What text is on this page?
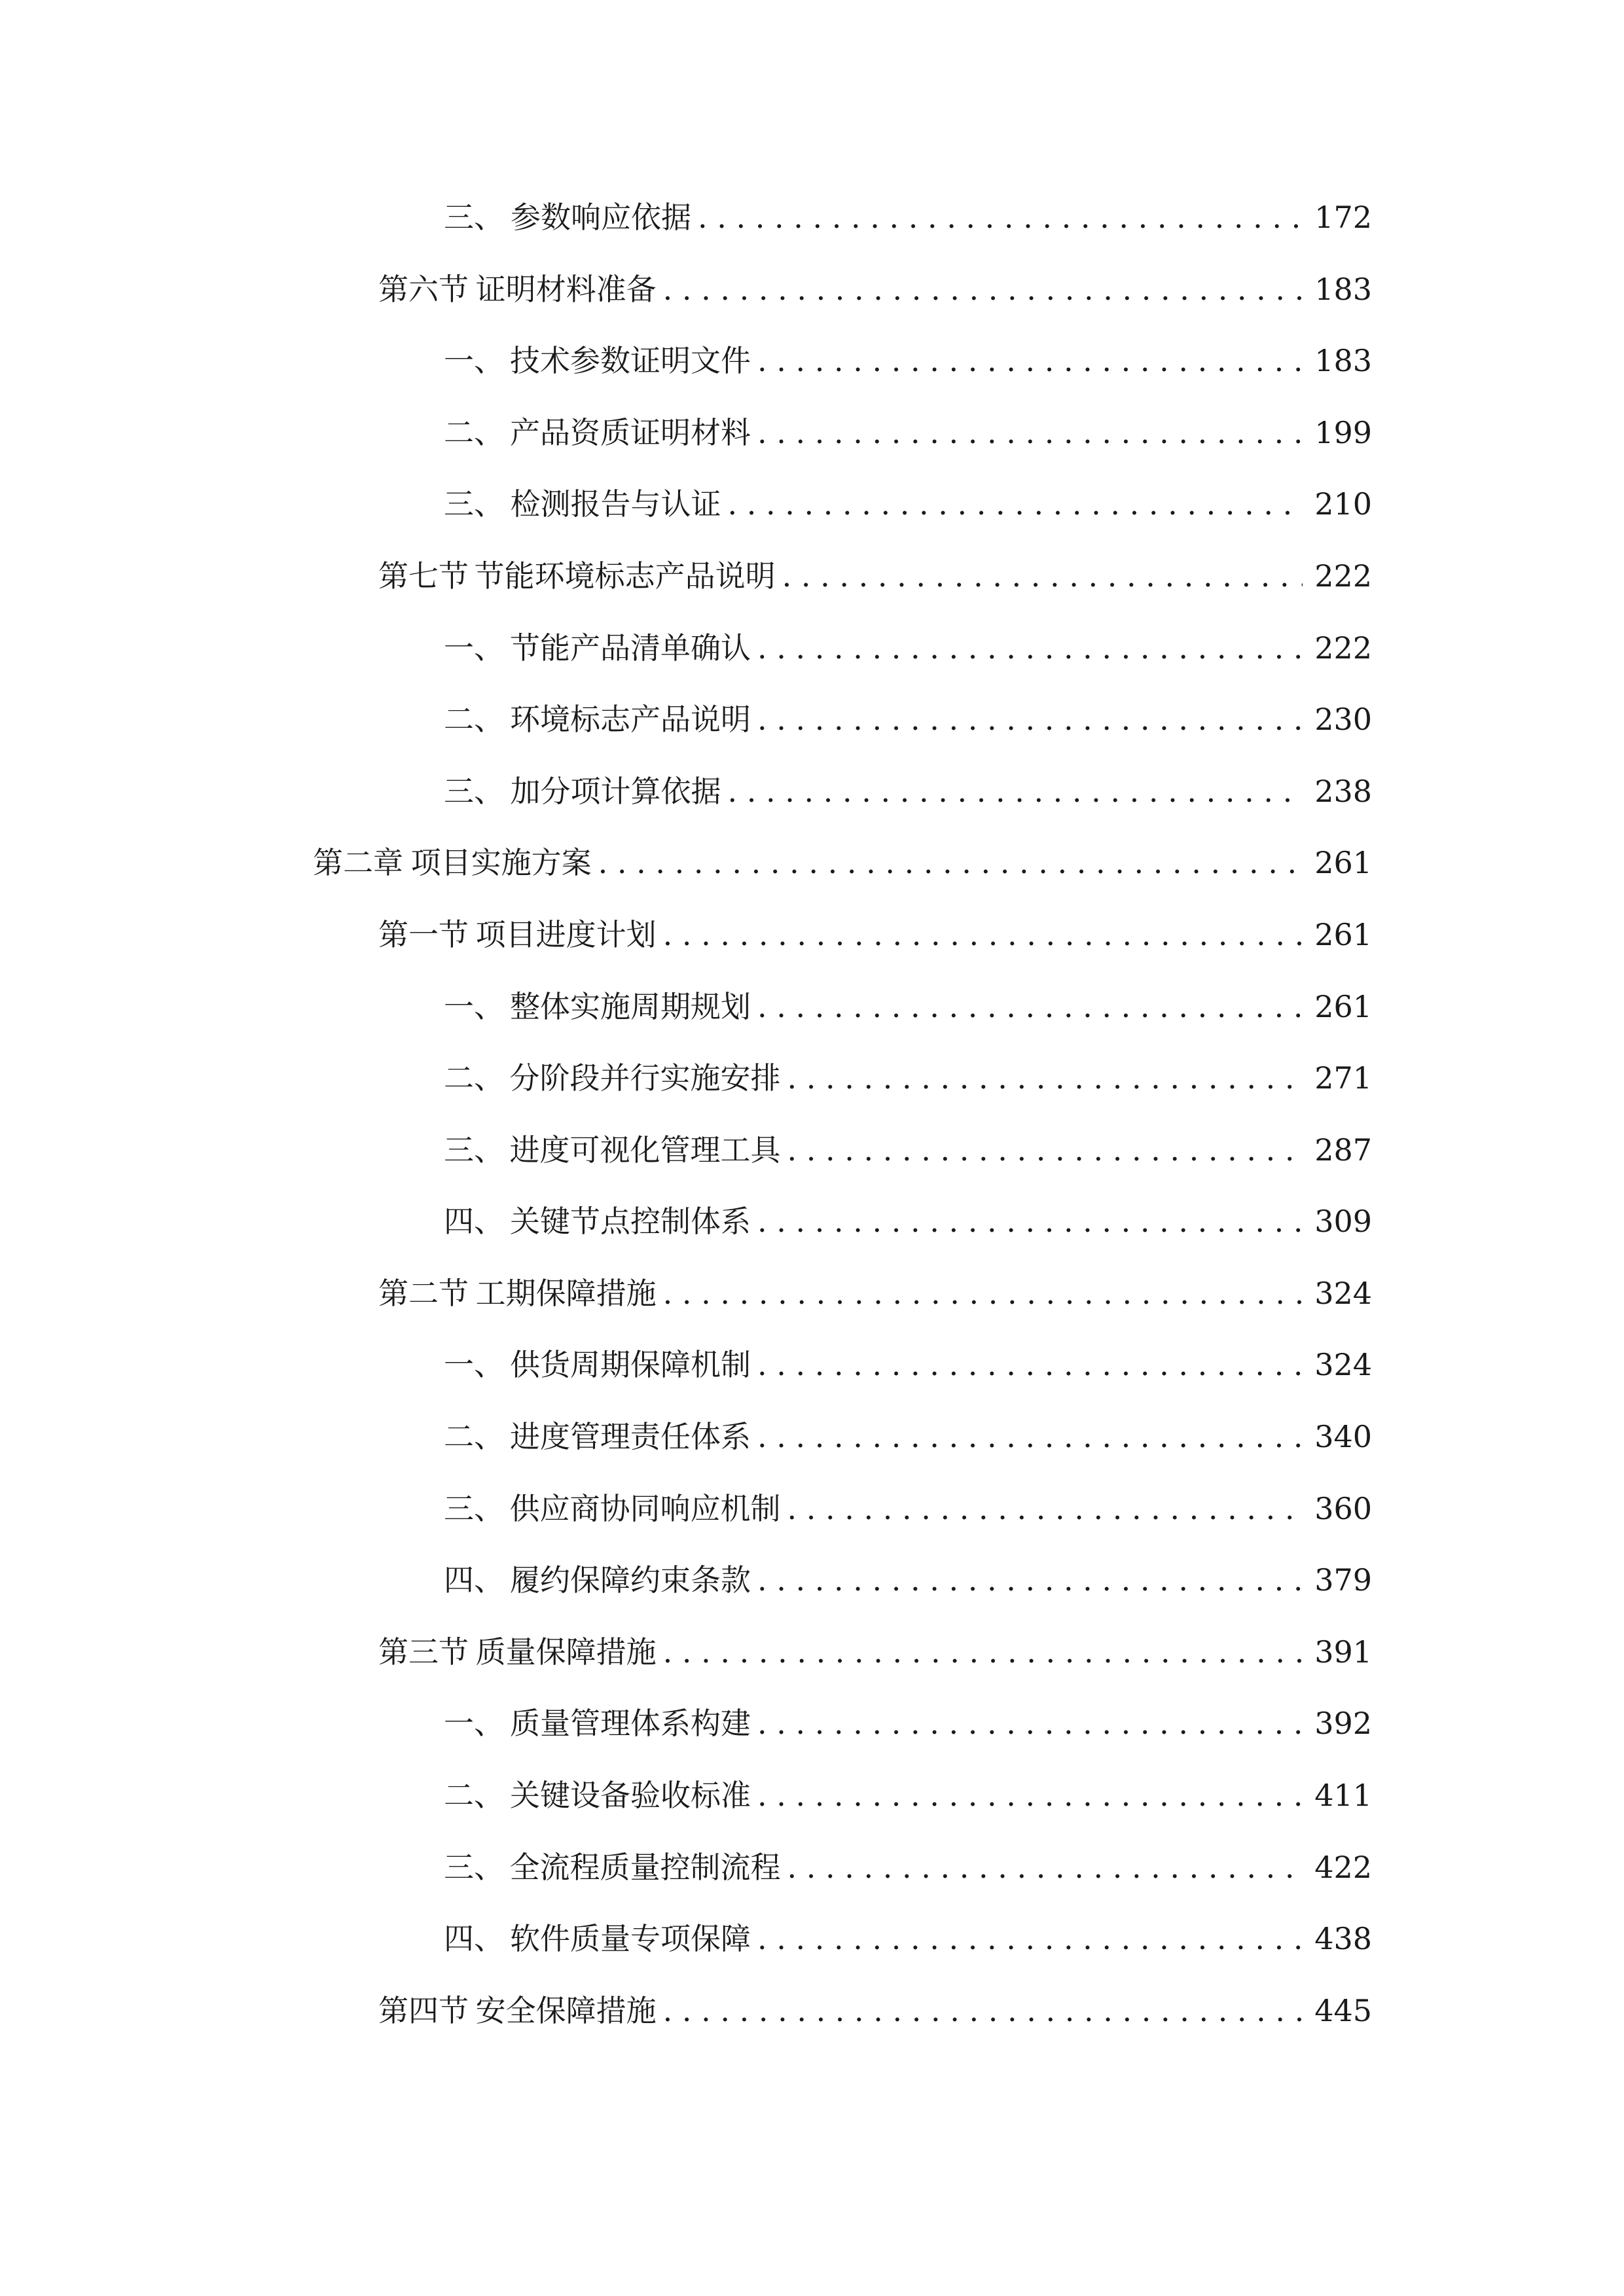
三、 参数响应依据 . . .	172
第六节 证明材料准备 . . .	183
一、 技术参数证明文件 . . .	183
二、 产品资质证明材料 . . .	199
三、 检测报告与认证 . . .	210
第七节 节能环境标志产品说明 . . .	222
一、 节能产品清单确认 . . .	222
二、 环境标志产品说明 . . .	230
三、 加分项计算依据 . . .	238
第二章 项目实施方案 . . .	261
第一节 项目进度计划 . . .	261
一、 整体实施周期规划 . . .	261
二、 分阶段并行实施安排 . . .	271
三、 进度可视化管理工具 . . .	287
四、 关键节点控制体系 . . .	309
第二节 工期保障措施 . . .	324
一、 供货周期保障机制 . . .	324
二、 进度管理责任体系 . . .	340
三、 供应商协同响应机制 . . .	360
四、 履约保障约束条款 . . .	379
第三节 质量保障措施 . . .	391
一、 质量管理体系构建 . . .	392
二、 关键设备验收标准 . . .	411
三、 全流程质量控制流程 . . .	422
四、 软件质量专项保障 . . .	438
第四节 安全保障措施 . . .	445
